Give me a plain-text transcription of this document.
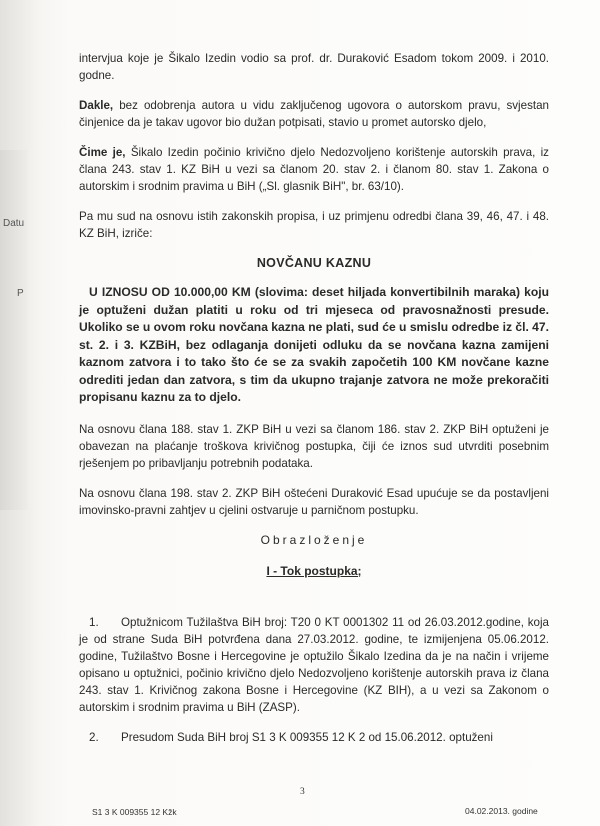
Datu
P

intervjua koje je Šikalo Izedin vodio sa prof. dr. Duraković Esadom tokom 2009. i 2010. godne.

Dakle, bez odobrenja autora u vidu zaključenog ugovora o autorskom pravu, svjestan činjenice da je takav ugovor bio dužan potpisati, stavio u promet autorsko djelo,

Čime je, Šikalo Izedin počinio krivično djelo Nedozvoljeno korištenje autorskih prava, iz člana 243. stav 1. KZ BiH u vezi sa članom 20. stav 2. i članom 80. stav 1. Zakona o autorskim i srodnim pravima u BiH („Sl. glasnik BiH", br. 63/10).

Pa mu sud na osnovu istih zakonskih propisa, i uz primjenu odredbi člana 39, 46, 47. i 48. KZ BiH, izriče:

NOVČANU KAZNU

U IZNOSU OD 10.000,00 KM (slovima: deset hiljada konvertibilnih maraka) koju je optuženi dužan platiti u roku od tri mjeseca od pravosnažnosti presude. Ukoliko se u ovom roku novčana kazna ne plati, sud će u smislu odredbe iz čl. 47. st. 2. i 3. KZBiH, bez odlaganja donijeti odluku da se novčana kazna zamijeni kaznom zatvora i to tako što će se za svakih započetih 100 KM novčane kazne odrediti jedan dan zatvora, s tim da ukupno trajanje zatvora ne može prekoračiti propisanu kaznu za to djelo.

Na osnovu člana 188. stav 1. ZKP BiH u vezi sa članom 186. stav 2. ZKP BiH optuženi je obavezan na plaćanje troškova krivičnog postupka, čiji će iznos sud utvrditi posebnim rješenjem po pribavljanju potrebnih podataka.

Na osnovu člana 198. stav 2. ZKP BiH oštećeni Duraković Esad upućuje se da postavljeni imovinsko-pravni zahtjev u cjelini ostvaruje u parničnom postupku.

Obrazloženje

I - Tok postupka;

1. Optužnicom Tužilaštva BiH broj: T20 0 KT 0001302 11 od 26.03.2012.godine, koja je od strane Suda BiH potvrđena dana 27.03.2012. godine, te izmijenjena 05.06.2012. godine, Tužilaštvo Bosne i Hercegovine je optužilo Šikalo Izedina da je na način i vrijeme opisano u optužnici, počinio krivično djelo Nedozvoljeno korištenje autorskih prava iz člana 243. stav 1. Krivičnog zakona Bosne i Hercegovine (KZ BIH), a u vezi sa Zakonom o autorskim i srodnim pravima u BiH (ZASP).

2. Presudom Suda BiH broj S1 3 K 009355 12 K 2 od 15.06.2012. optuženi

3
S1 3 K 009355 12 Kžk	04.02.2013. godine
